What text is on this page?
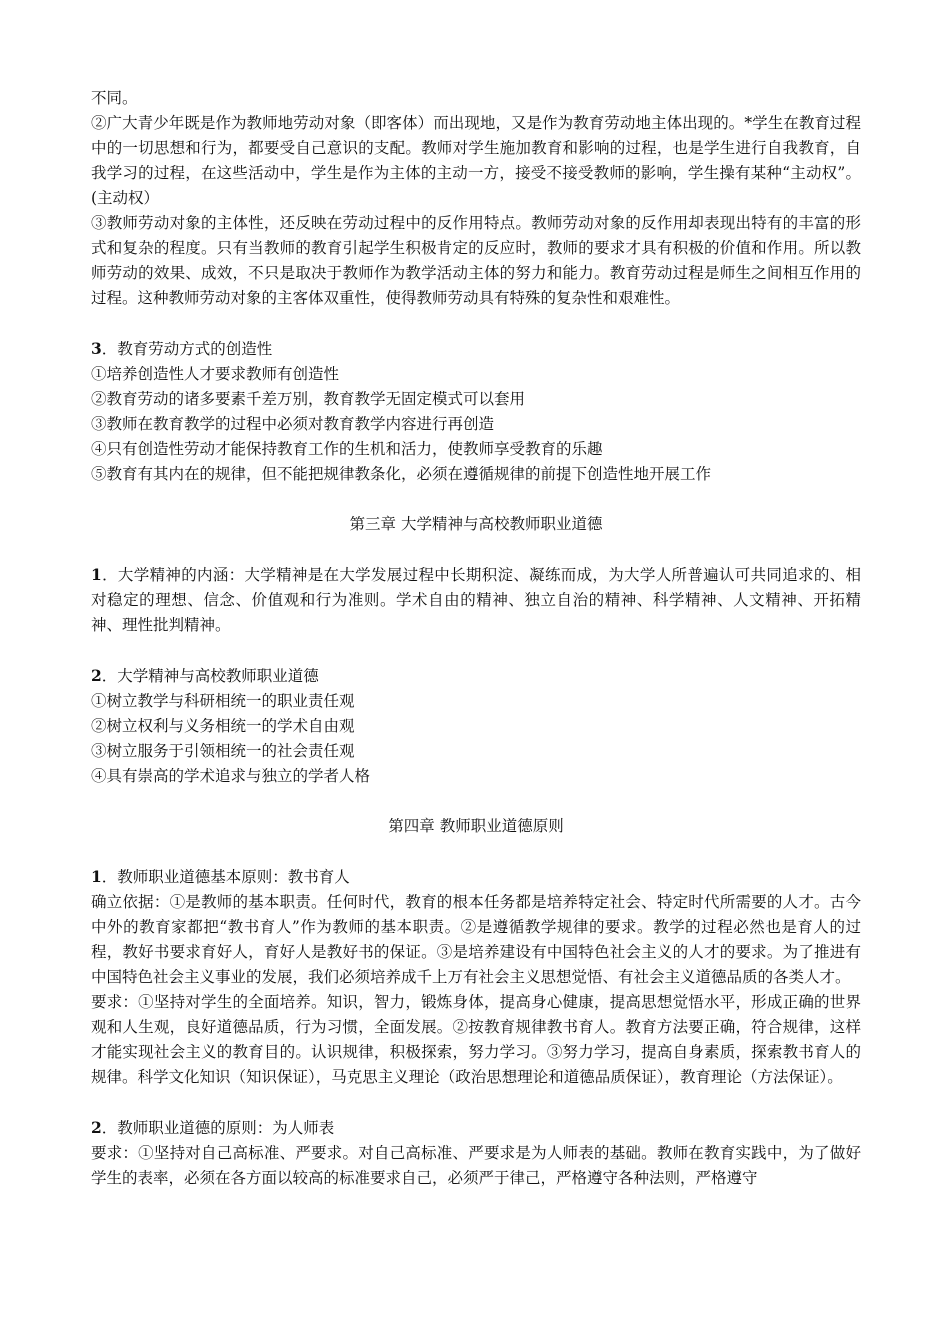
不同。

②广大青少年既是作为教师地劳动对象（即客体）而出现地，又是作为教育劳动地主体出现的。*学生在教育过程中的一切思想和行为，都要受自己意识的支配。教师对学生施加教育和影响的过程，也是学生进行自我教育，自我学习的过程，在这些活动中，学生是作为主体的主动一方，接受不接受教师的影响，学生操有某种“主动权”。(主动权）

③教师劳动对象的主体性，还反映在劳动过程中的反作用特点。教师劳动对象的反作用却表现出特有的丰富的形式和复杂的程度。只有当教师的教育引起学生积极肯定的反应时，教师的要求才具有积极的价值和作用。所以教师劳动的效果、成效，不只是取决于教师作为教学活动主体的努力和能力。教育劳动过程是师生之间相互作用的过程。这种教师劳动对象的主客体双重性，使得教师劳动具有特殊的复杂性和艰难性。

3．教育劳动方式的创造性

①培养创造性人才要求教师有创造性

②教育劳动的诸多要素千差万别，教育教学无固定模式可以套用

③教师在教育教学的过程中必须对教育教学内容进行再创造

④只有创造性劳动才能保持教育工作的生机和活力，使教师享受教育的乐趣

⑤教育有其内在的规律，但不能把规律教条化，必须在遵循规律的前提下创造性地开展工作

第三章 大学精神与高校教师职业道德

1．大学精神的内涵：大学精神是在大学发展过程中长期积淀、凝练而成，为大学人所普遍认可共同追求的、相对稳定的理想、信念、价值观和行为准则。学术自由的精神、独立自治的精神、科学精神、人文精神、开拓精神、理性批判精神。

2．大学精神与高校教师职业道德

①树立教学与科研相统一的职业责任观

②树立权利与义务相统一的学术自由观

③树立服务于引领相统一的社会责任观

④具有崇高的学术追求与独立的学者人格

第四章 教师职业道德原则

1．教师职业道德基本原则：教书育人

确立依据：①是教师的基本职责。任何时代，教育的根本任务都是培养特定社会、特定时代所需要的人才。古今中外的教育家都把“教书育人”作为教师的基本职责。②是遵循教学规律的要求。教学的过程必然也是育人的过程，教好书要求育好人，育好人是教好书的保证。③是培养建设有中国特色社会主义的人才的要求。为了推进有中国特色社会主义事业的发展，我们必须培养成千上万有社会主义思想觉悟、有社会主义道德品质的各类人才。

要求：①坚持对学生的全面培养。知识，智力，锻炼身体，提高身心健康，提高思想觉悟水平，形成正确的世界观和人生观，良好道德品质，行为习惯，全面发展。②按教育规律教书育人。教育方法要正确，符合规律，这样才能实现社会主义的教育目的。认识规律，积极探索，努力学习。③努力学习，提高自身素质，探索教书育人的规律。科学文化知识（知识保证），马克思主义理论（政治思想理论和道德品质保证），教育理论（方法保证）。

2．教师职业道德的原则：为人师表

要求：①坚持对自己高标准、严要求。对自己高标准、严要求是为人师表的基础。教师在教育实践中，为了做好学生的表率，必须在各方面以较高的标准要求自己，必须严于律己，严格遵守各种法则，严格遵守
